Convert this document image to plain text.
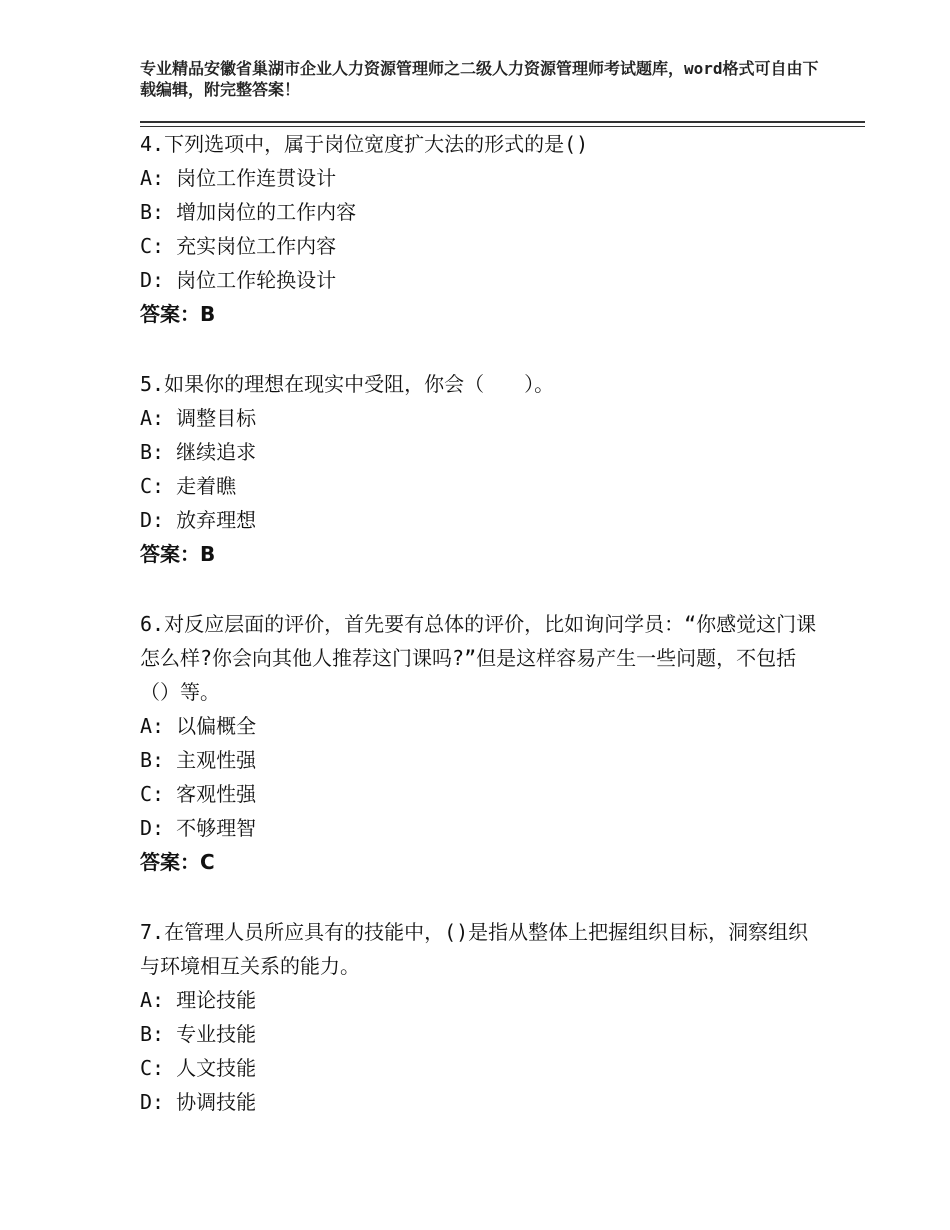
专业精品安徽省巢湖市企业人力资源管理师之二级人力资源管理师考试题库，word格式可自由下载编辑，附完整答案！
4.下列选项中，属于岗位宽度扩大法的形式的是()
A: 岗位工作连贯设计
B: 增加岗位的工作内容
C: 充实岗位工作内容
D: 岗位工作轮换设计
答案：B
5.如果你的理想在现实中受阻，你会（　　）。
A: 调整目标
B: 继续追求
C: 走着瞧
D: 放弃理想
答案：B
6.对反应层面的评价，首先要有总体的评价，比如询问学员：“你感觉这门课怎么样?你会向其他人推荐这门课吗?”但是这样容易产生一些问题，不包括（）等。
A: 以偏概全
B: 主观性强
C: 客观性强
D: 不够理智
答案：C
7.在管理人员所应具有的技能中，()是指从整体上把握组织目标，洞察组织与环境相互关系的能力。
A: 理论技能
B: 专业技能
C: 人文技能
D: 协调技能
